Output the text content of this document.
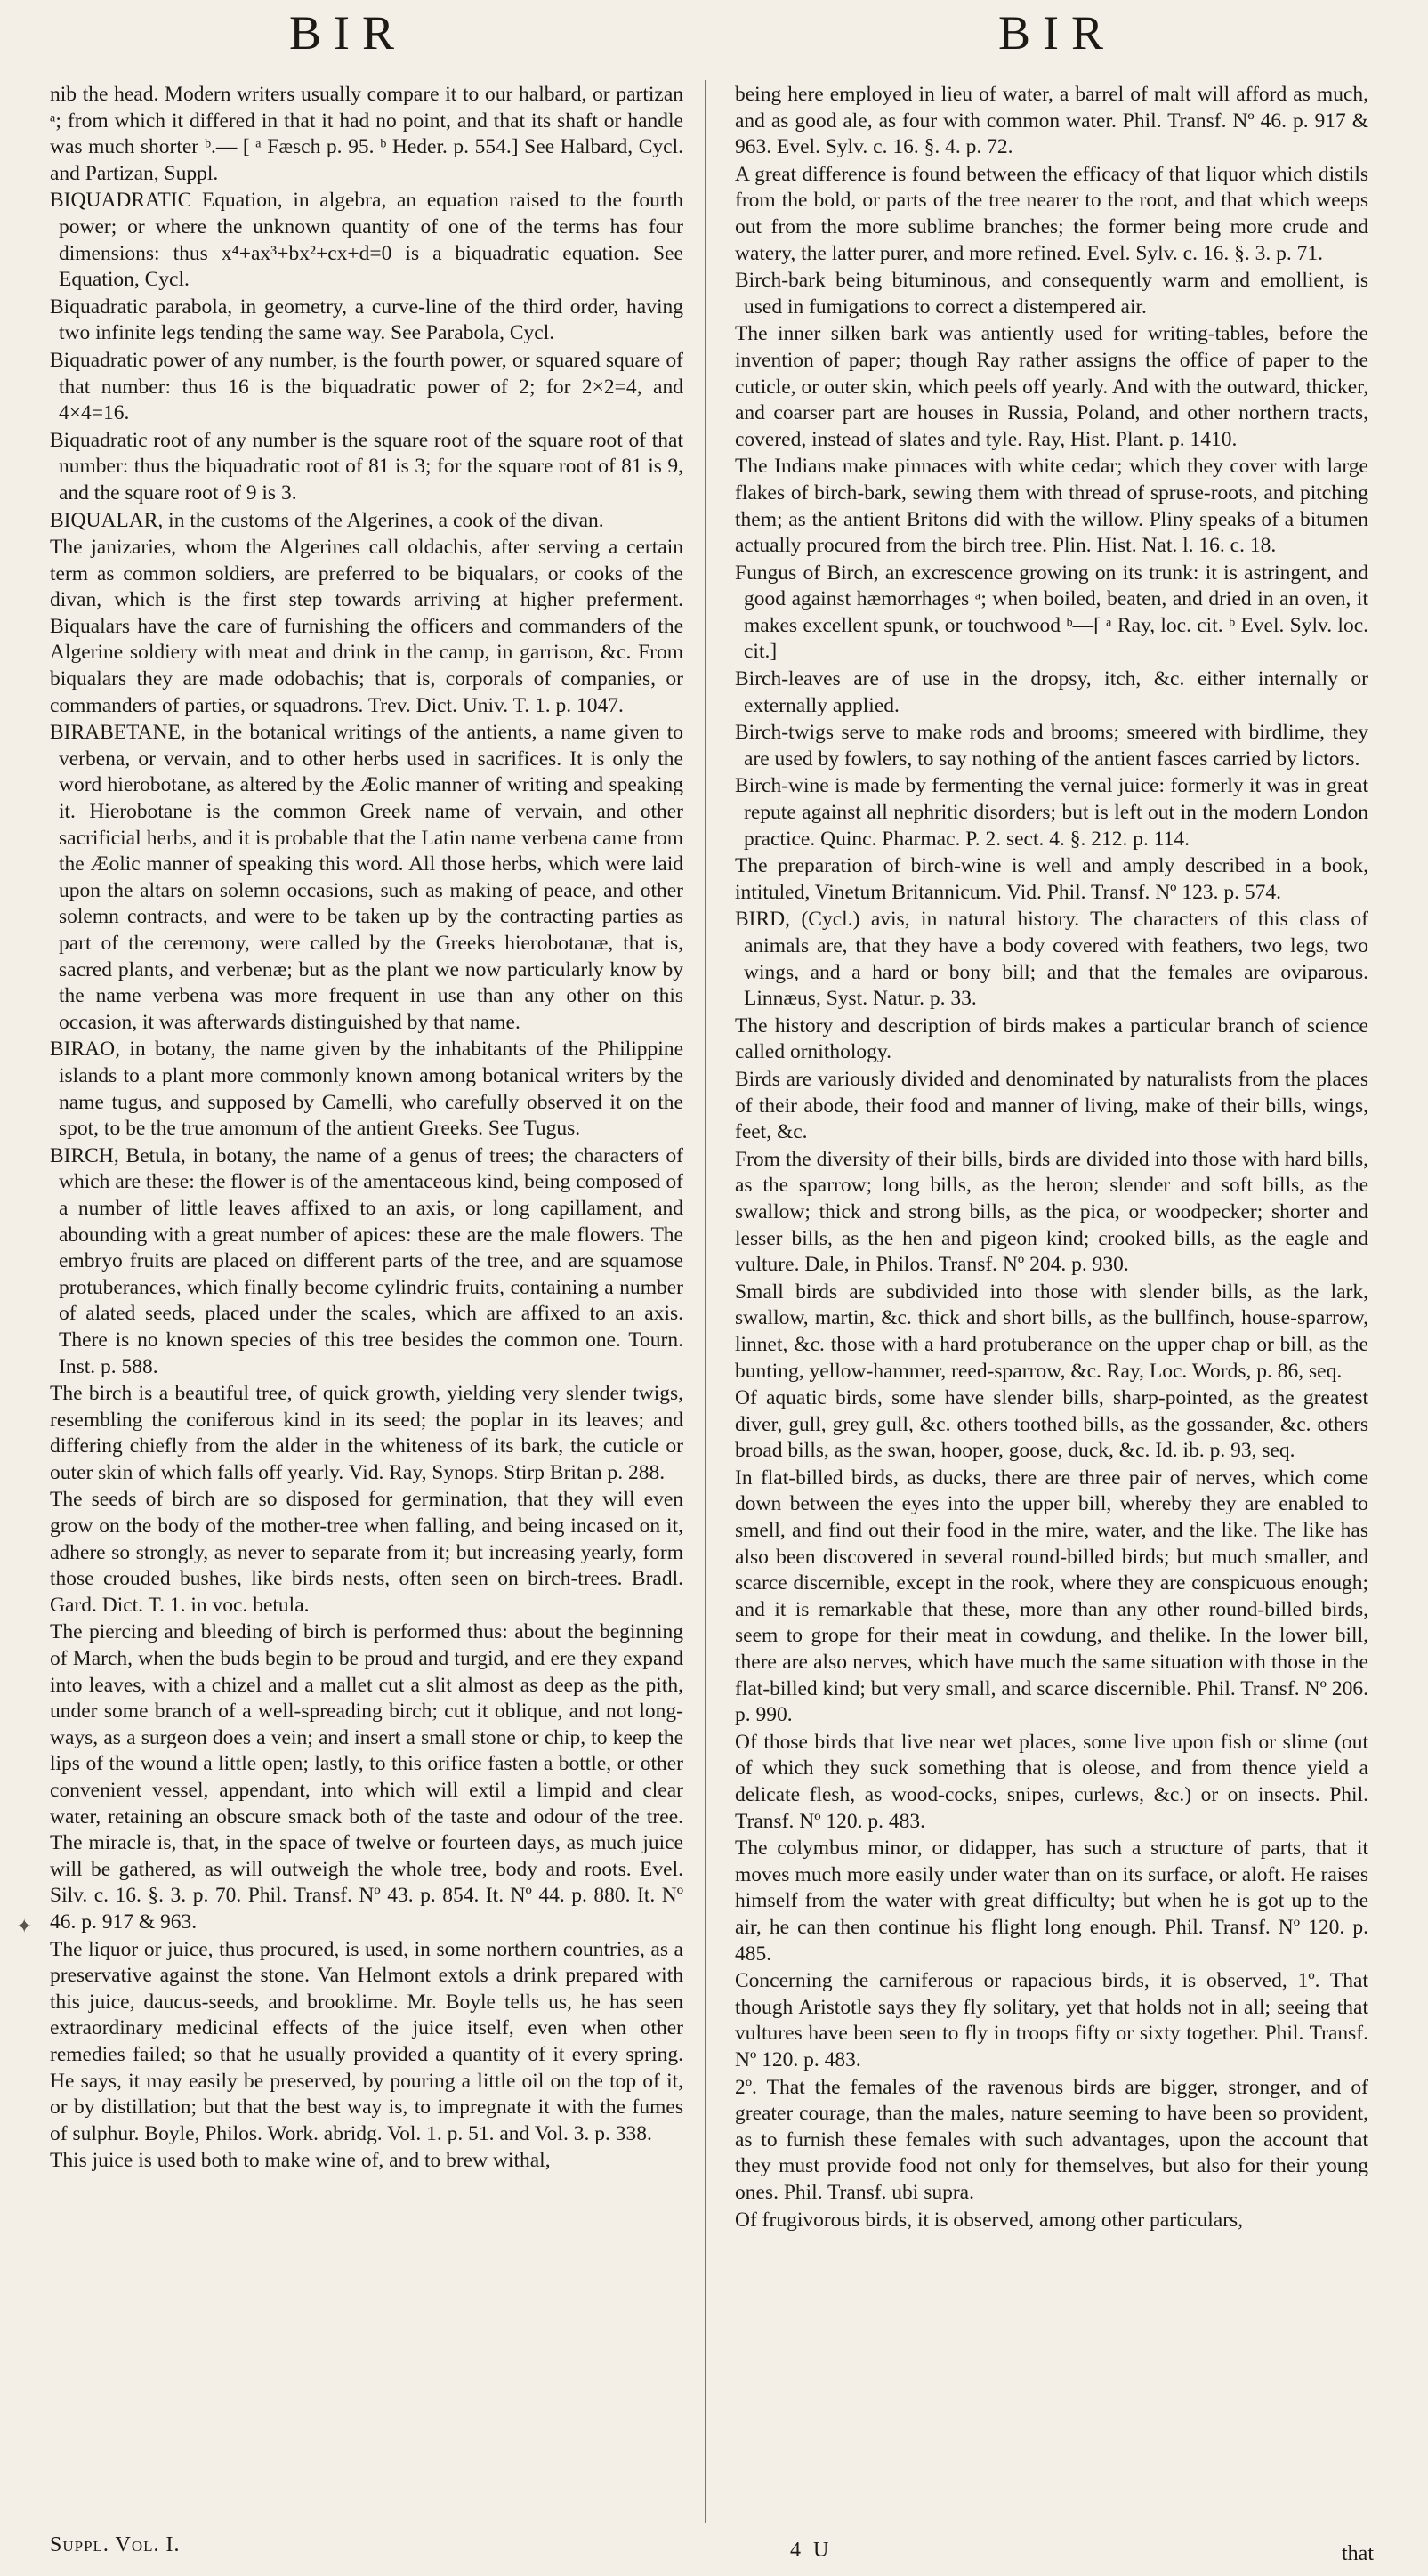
BIR	BIR

nib the head. Modern writers usually compare it to our halbard, or partizan ᵃ; from which it differed in that it had no point, and that its shaft or handle was much shorter ᵇ.— [ ᵃ Fæsch p. 95. ᵇ Heder. p. 554.] See Halbard, Cycl. and Partizan, Suppl.

BIQUADRATIC Equation, in algebra, an equation raised to the fourth power; or where the unknown quantity of one of the terms has four dimensions: thus x⁴+ax³+bx²+cx+d=0 is a biquadratic equation. See Equation, Cycl.

Biquadratic parabola, in geometry, a curve-line of the third order, having two infinite legs tending the same way. See Parabola, Cycl.

Biquadratic power of any number, is the fourth power, or squared square of that number: thus 16 is the biquadratic power of 2; for 2×2=4, and 4×4=16.

Biquadratic root of any number is the square root of the square root of that number: thus the biquadratic root of 81 is 3; for the square root of 81 is 9, and the square root of 9 is 3.

BIQUALAR, in the customs of the Algerines, a cook of the divan.

The janizaries, whom the Algerines call oldachis, after serving a certain term as common soldiers, are preferred to be biqualars, or cooks of the divan, which is the first step towards arriving at higher preferment. Biqualars have the care of furnishing the officers and commanders of the Algerine soldiery with meat and drink in the camp, in garrison, &c. From biqualars they are made odobachis; that is, corporals of companies, or commanders of parties, or squadrons. Trev. Dict. Univ. T. 1. p. 1047.

BIRABETANE, in the botanical writings of the antients, a name given to verbena, or vervain, and to other herbs used in sacrifices. It is only the word hierobotane, as altered by the Æolic manner of writing and speaking it. Hierobotane is the common Greek name of vervain, and other sacrificial herbs, and it is probable that the Latin name verbena came from the Æolic manner of speaking this word. All those herbs, which were laid upon the altars on solemn occasions, such as making of peace, and other solemn contracts, and were to be taken up by the contracting parties as part of the ceremony, were called by the Greeks hierobotanæ, that is, sacred plants, and verbenæ; but as the plant we now particularly know by the name verbena was more frequent in use than any other on this occasion, it was afterwards distinguished by that name.

BIRAO, in botany, the name given by the inhabitants of the Philippine islands to a plant more commonly known among botanical writers by the name tugus, and supposed by Camelli, who carefully observed it on the spot, to be the true amomum of the antient Greeks. See Tugus.

BIRCH, Betula, in botany, the name of a genus of trees; the characters of which are these: the flower is of the amentaceous kind, being composed of a number of little leaves affixed to an axis, or long capillament, and abounding with a great number of apices: these are the male flowers. The embryo fruits are placed on different parts of the tree, and are squamose protuberances, which finally become cylindric fruits, containing a number of alated seeds, placed under the scales, which are affixed to an axis. There is no known species of this tree besides the common one. Tourn. Inst. p. 588.

The birch is a beautiful tree, of quick growth, yielding very slender twigs, resembling the coniferous kind in its seed; the poplar in its leaves; and differing chiefly from the alder in the whiteness of its bark, the cuticle or outer skin of which falls off yearly. Vid. Ray, Synops. Stirp Britan p. 288.

The seeds of birch are so disposed for germination, that they will even grow on the body of the mother-tree when falling, and being incased on it, adhere so strongly, as never to separate from it; but increasing yearly, form those crouded bushes, like birds nests, often seen on birch-trees. Bradl. Gard. Dict. T. 1. in voc. betula.

The piercing and bleeding of birch is performed thus: about the beginning of March, when the buds begin to be proud and turgid, and ere they expand into leaves, with a chizel and a mallet cut a slit almost as deep as the pith, under some branch of a well-spreading birch; cut it oblique, and not long-ways, as a surgeon does a vein; and insert a small stone or chip, to keep the lips of the wound a little open; lastly, to this orifice fasten a bottle, or other convenient vessel, appendant, into which will extil a limpid and clear water, retaining an obscure smack both of the taste and odour of the tree. The miracle is, that, in the space of twelve or fourteen days, as much juice will be gathered, as will outweigh the whole tree, body and roots. Evel. Silv. c. 16. §. 3. p. 70. Phil. Transf. Nº 43. p. 854. It. Nº 44. p. 880. It. Nº 46. p. 917 & 963.

The liquor or juice, thus procured, is used, in some northern countries, as a preservative against the stone. Van Helmont extols a drink prepared with this juice, daucus-seeds, and brooklime. Mr. Boyle tells us, he has seen extraordinary medicinal effects of the juice itself, even when other remedies failed; so that he usually provided a quantity of it every spring. He says, it may easily be preserved, by pouring a little oil on the top of it, or by distillation; but that the best way is, to impregnate it with the fumes of sulphur. Boyle, Philos. Work. abridg. Vol. 1. p. 51. and Vol. 3. p. 338.

This juice is used both to make wine of, and to brew withal,

being here employed in lieu of water, a barrel of malt will afford as much, and as good ale, as four with common water. Phil. Transf. Nº 46. p. 917 & 963. Evel. Sylv. c. 16. §. 4. p. 72.

A great difference is found between the efficacy of that liquor which distils from the bold, or parts of the tree nearer to the root, and that which weeps out from the more sublime branches; the former being more crude and watery, the latter purer, and more refined. Evel. Sylv. c. 16. §. 3. p. 71.

Birch-bark being bituminous, and consequently warm and emollient, is used in fumigations to correct a distempered air.

The inner silken bark was antiently used for writing-tables, before the invention of paper; though Ray rather assigns the office of paper to the cuticle, or outer skin, which peels off yearly. And with the outward, thicker, and coarser part are houses in Russia, Poland, and other northern tracts, covered, instead of slates and tyle. Ray, Hist. Plant. p. 1410.

The Indians make pinnaces with white cedar; which they cover with large flakes of birch-bark, sewing them with thread of spruse-roots, and pitching them; as the antient Britons did with the willow. Pliny speaks of a bitumen actually procured from the birch tree. Plin. Hist. Nat. l. 16. c. 18.

Fungus of Birch, an excrescence growing on its trunk: it is astringent, and good against hæmorrhages ᵃ; when boiled, beaten, and dried in an oven, it makes excellent spunk, or touchwood ᵇ—[ ᵃ Ray, loc. cit. ᵇ Evel. Sylv. loc. cit.]

Birch-leaves are of use in the dropsy, itch, &c. either internally or externally applied.

Birch-twigs serve to make rods and brooms; smeered with birdlime, they are used by fowlers, to say nothing of the antient fasces carried by lictors.

Birch-wine is made by fermenting the vernal juice: formerly it was in great repute against all nephritic disorders; but is left out in the modern London practice. Quinc. Pharmac. P. 2. sect. 4. §. 212. p. 114.

The preparation of birch-wine is well and amply described in a book, intituled, Vinetum Britannicum. Vid. Phil. Transf. Nº 123. p. 574.

BIRD, (Cycl.) avis, in natural history. The characters of this class of animals are, that they have a body covered with feathers, two legs, two wings, and a hard or bony bill; and that the females are oviparous. Linnæus, Syst. Natur. p. 33.

The history and description of birds makes a particular branch of science called ornithology.

Birds are variously divided and denominated by naturalists from the places of their abode, their food and manner of living, make of their bills, wings, feet, &c.

From the diversity of their bills, birds are divided into those with hard bills, as the sparrow; long bills, as the heron; slender and soft bills, as the swallow; thick and strong bills, as the pica, or woodpecker; shorter and lesser bills, as the hen and pigeon kind; crooked bills, as the eagle and vulture. Dale, in Philos. Transf. Nº 204. p. 930.

Small birds are subdivided into those with slender bills, as the lark, swallow, martin, &c. thick and short bills, as the bullfinch, house-sparrow, linnet, &c. those with a hard protuberance on the upper chap or bill, as the bunting, yellow-hammer, reed-sparrow, &c. Ray, Loc. Words, p. 86, seq.

Of aquatic birds, some have slender bills, sharp-pointed, as the greatest diver, gull, grey gull, &c. others toothed bills, as the gossander, &c. others broad bills, as the swan, hooper, goose, duck, &c. Id. ib. p. 93, seq.

In flat-billed birds, as ducks, there are three pair of nerves, which come down between the eyes into the upper bill, whereby they are enabled to smell, and find out their food in the mire, water, and the like. The like has also been discovered in several round-billed birds; but much smaller, and scarce discernible, except in the rook, where they are conspicuous enough; and it is remarkable that these, more than any other round-billed birds, seem to grope for their meat in cowdung, and thelike. In the lower bill, there are also nerves, which have much the same situation with those in the flat-billed kind; but very small, and scarce discernible. Phil. Transf. Nº 206. p. 990.

Of those birds that live near wet places, some live upon fish or slime (out of which they suck something that is oleose, and from thence yield a delicate flesh, as wood-cocks, snipes, curlews, &c.) or on insects. Phil. Transf. Nº 120. p. 483.

The colymbus minor, or didapper, has such a structure of parts, that it moves much more easily under water than on its surface, or aloft. He raises himself from the water with great difficulty; but when he is got up to the air, he can then continue his flight long enough. Phil. Transf. Nº 120. p. 485.

Concerning the carniferous or rapacious birds, it is observed, 1º. That though Aristotle says they fly solitary, yet that holds not in all; seeing that vultures have been seen to fly in troops fifty or sixty together. Phil. Transf. Nº 120. p. 483.

2º. That the females of the ravenous birds are bigger, stronger, and of greater courage, than the males, nature seeming to have been so provident, as to furnish these females with such advantages, upon the account that they must provide food not only for themselves, but also for their young ones. Phil. Transf. ubi supra.

Of frugivorous birds, it is observed, among other particulars,

✦
Suppl. Vol. I.	4 U	that
